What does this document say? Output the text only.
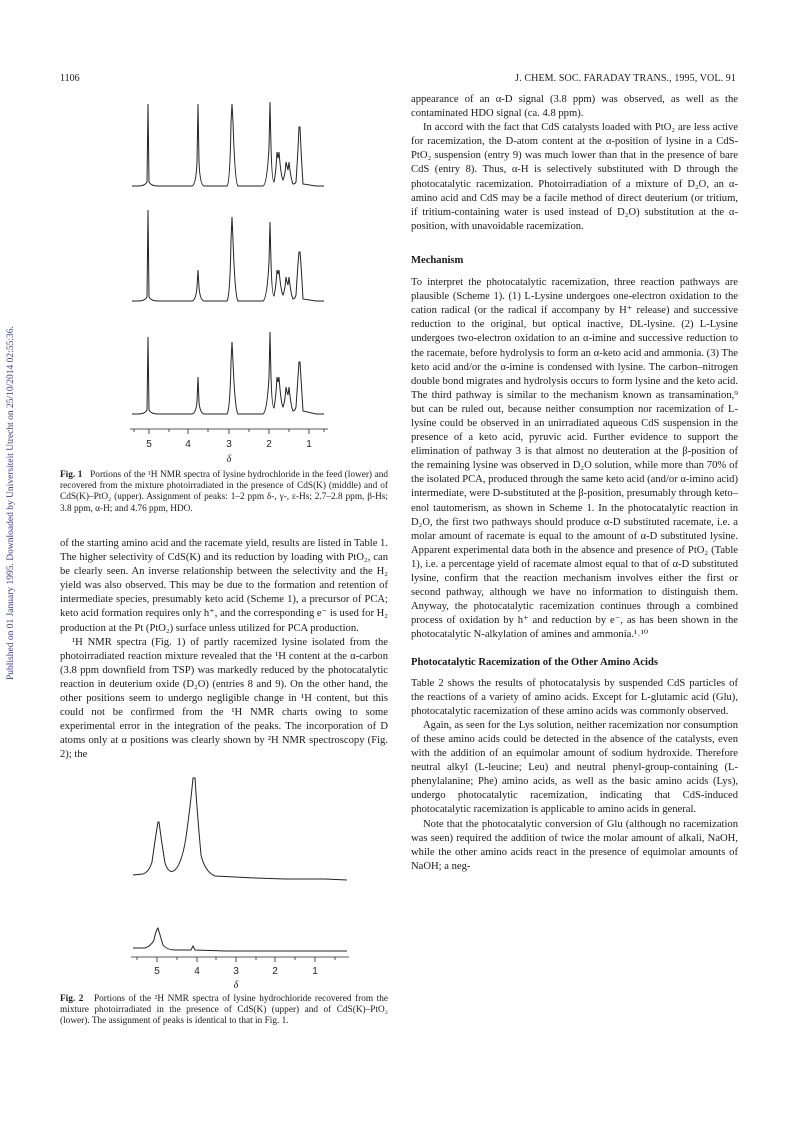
Published on 01 January 1995. Downloaded by Universiteit Utrecht on 25/10/2014 02:55:36.
1106	J. CHEM. SOC. FARADAY TRANS., 1995, VOL. 91
5	4	3	2	1
δ
Fig. 1 Portions of the ¹H NMR spectra of lysine hydrochloride in the feed (lower) and recovered from the mixture photoirradiated in the presence of CdS(K) (middle) and of CdS(K)–PtO₂ (upper). Assignment of peaks: 1–2 ppm δ-, γ-, ε-Hs; 2.7–2.8 ppm, β-Hs; 3.8 ppm, α-H; and 4.76 ppm, HDO.

of the starting amino acid and the racemate yield, results are listed in Table 1. The higher selectivity of CdS(K) and its reduction by loading with PtO₂, can be clearly seen. An inverse relationship between the selectivity and the H₂ yield was also observed. This may be due to the formation and retention of intermediate species, presumably keto acid (Scheme 1), a precursor of PCA; keto acid formation requires only h⁺, and the corresponding e⁻ is used for H₂ production at the Pt (PtO₂) surface unless utilized for PCA production.

¹H NMR spectra (Fig. 1) of partly racemized lysine isolated from the photoirradiated reaction mixture revealed that the ¹H content at the α-carbon (3.8 ppm downfield from TSP) was markedly reduced by the photocatalytic reaction in deuterium oxide (D₂O) (entries 8 and 9). On the other hand, the other positions seem to undergo negligible change in ¹H content, but this could not be confirmed from the ¹H NMR charts owing to some experimental error in the integration of the peaks. The incorporation of D atoms only at α positions was clearly shown by ²H NMR spectroscopy (Fig. 2); the

5	4	3	2	1
δ
Fig. 2 Portions of the ²H NMR spectra of lysine hydrochloride recovered from the mixture photoirradiated in the presence of CdS(K) (upper) and of CdS(K)–PtO₂ (lower). The assignment of peaks is identical to that in Fig. 1.

appearance of an α-D signal (3.8 ppm) was observed, as well as the contaminated HDO signal (ca. 4.8 ppm).

In accord with the fact that CdS catalysts loaded with PtO₂ are less active for racemization, the D-atom content at the α-position of lysine in a CdS-PtO₂ suspension (entry 9) was much lower than that in the presence of bare CdS (entry 8). Thus, α-H is selectively substituted with D through the photocatalytic racemization. Photoirradiation of a mixture of D₂O, an α-amino acid and CdS may be a facile method of direct deuterium (or tritium, if tritium-containing water is used instead of D₂O) substitution at the α-position, with unavoidable racemization.

Mechanism

To interpret the photocatalytic racemization, three reaction pathways are plausible (Scheme 1). (1) L-Lysine undergoes one-electron oxidation to the cation radical (or the radical if accompany by H⁺ release) and successive reduction to the original, but optical inactive, DL-lysine. (2) L-Lysine undergoes two-electron oxidation to an α-imine and successive reduction to the racemate, before hydrolysis to form an α-keto acid and ammonia. (3) The keto acid and/or the α-imine is condensed with lysine. The carbon–nitrogen double bond migrates and hydrolysis occurs to form lysine and the keto acid. The third pathway is similar to the mechanism known as transamination,⁹ but can be ruled out, because neither consumption nor racemization of L-lysine could be observed in an unirradiated aqueous CdS suspension in the presence of a keto acid, pyruvic acid. Further evidence to support the elimination of pathway 3 is that almost no deuteration at the β-position of the remaining lysine was observed in D₂O solution, while more than 70% of the isolated PCA, produced through the same keto acid (and/or α-imino acid) intermediate, were D-substituted at the β-position, presumably through keto–enol tautomerism, as shown in Scheme 1. In the photocatalytic reaction in D₂O, the first two pathways should produce α-D substituted racemate, i.e. a molar amount of racemate is equal to the amount of α-D substituted lysine. Apparent experimental data both in the absence and presence of PtO₂ (Table 1), i.e. a percentage yield of racemate almost equal to that of α-D substituted lysine, confirm that the reaction mechanism involves either the first or second pathway, although we have no information to distinguish them. Anyway, the photocatalytic racemization continues through a combined process of oxidation by h⁺ and reduction by e⁻, as has been shown in the photocatalytic N-alkylation of amines and ammonia.¹˒¹⁰

Photocatalytic Racemization of the Other Amino Acids

Table 2 shows the results of photocatalysis by suspended CdS particles of the reactions of a variety of amino acids. Except for L-glutamic acid (Glu), photocatalytic racemization of these amino acids was commonly observed.

Again, as seen for the Lys solution, neither racemization nor consumption of these amino acids could be detected in the absence of the catalysts, even with the addition of an equimolar amount of sodium hydroxide. Therefore neutral alkyl (L-leucine; Leu) and neutral phenyl-group-containing (L-phenylalanine; Phe) amino acids, as well as the basic amino acids (Lys), undergo photocatalytic racemization, indicating that CdS-induced photocatalytic racemization is applicable to amino acids in general.

Note that the photocatalytic conversion of Glu (although no racemization was seen) required the addition of twice the molar amount of alkali, NaOH, while the other amino acids react in the presence of equimolar amounts of NaOH; a neg-
